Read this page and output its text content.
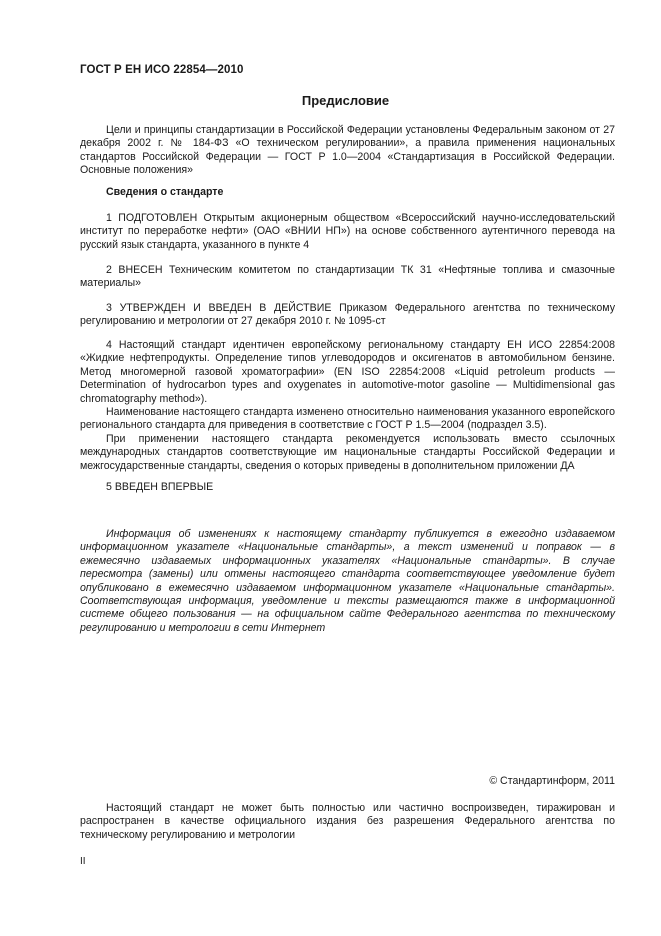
ГОСТ Р ЕН ИСО 22854—2010
Предисловие

Цели и принципы стандартизации в Российской Федерации установлены Федеральным законом от 27 декабря 2002 г. № 184-ФЗ «О техническом регулировании», а правила применения национальных стандартов Российской Федерации — ГОСТ Р 1.0—2004 «Стандартизация в Российской Федерации. Основные положения»

Сведения о стандарте

1 ПОДГОТОВЛЕН Открытым акционерным обществом «Всероссийский научно-исследовательский институт по переработке нефти» (ОАО «ВНИИ НП») на основе собственного аутентичного перевода на русский язык стандарта, указанного в пункте 4

2 ВНЕСЕН Техническим комитетом по стандартизации ТК 31 «Нефтяные топлива и смазочные материалы»

3 УТВЕРЖДЕН И ВВЕДЕН В ДЕЙСТВИЕ Приказом Федерального агентства по техническому регулированию и метрологии от 27 декабря 2010 г. № 1095-ст

4 Настоящий стандарт идентичен европейскому региональному стандарту ЕН ИСО 22854:2008 «Жидкие нефтепродукты. Определение типов углеводородов и оксигенатов в автомобильном бензине. Метод многомерной газовой хроматографии» (EN ISO 22854:2008 «Liquid petroleum products — Determination of hydrocarbon types and oxygenates in automotive-motor gasoline — Multidimensional gas chromatography method»).

Наименование настоящего стандарта изменено относительно наименования указанного европейского регионального стандарта для приведения в соответствие с ГОСТ Р 1.5—2004 (подраздел 3.5).

При применении настоящего стандарта рекомендуется использовать вместо ссылочных международных стандартов соответствующие им национальные стандарты Российской Федерации и межгосударственные стандарты, сведения о которых приведены в дополнительном приложении ДА

5 ВВЕДЕН ВПЕРВЫЕ

Информация об изменениях к настоящему стандарту публикуется в ежегодно издаваемом информационном указателе «Национальные стандарты», а текст изменений и поправок — в ежемесячно издаваемых информационных указателях «Национальные стандарты». В случае пересмотра (замены) или отмены настоящего стандарта соответствующее уведомление будет опубликовано в ежемесячно издаваемом информационном указателе «Национальные стандарты». Соответствующая информация, уведомление и тексты размещаются также в информационной системе общего пользования — на официальном сайте Федерального агентства по техническому регулированию и метрологии в сети Интернет

© Стандартинформ, 2011

Настоящий стандарт не может быть полностью или частично воспроизведен, тиражирован и распространен в качестве официального издания без разрешения Федерального агентства по техническому регулированию и метрологии

II
